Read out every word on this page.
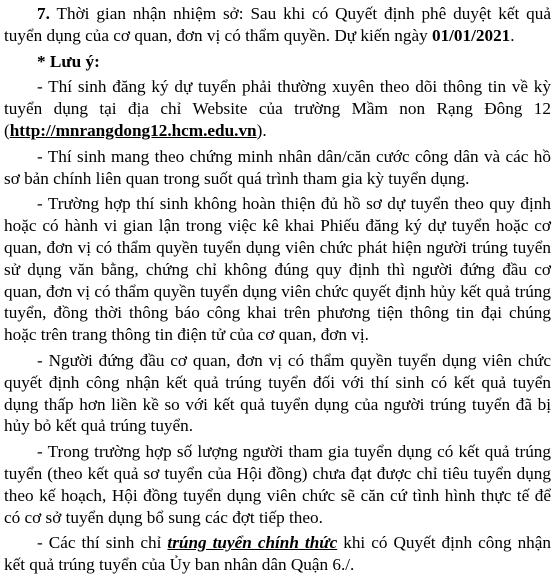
7. Thời gian nhận nhiệm sở: Sau khi có Quyết định phê duyệt kết quả tuyển dụng của cơ quan, đơn vị có thẩm quyền. Dự kiến ngày 01/01/2021.

* Lưu ý:

- Thí sinh đăng ký dự tuyển phải thường xuyên theo dõi thông tin về kỳ tuyển dụng tại địa chỉ Website của trường Mầm non Rạng Đông 12 (http://mnrangdong12.hcm.edu.vn).

- Thí sinh mang theo chứng minh nhân dân/căn cước công dân và các hồ sơ bản chính liên quan trong suốt quá trình tham gia kỳ tuyển dụng.

- Trường hợp thí sinh không hoàn thiện đủ hồ sơ dự tuyển theo quy định hoặc có hành vi gian lận trong việc kê khai Phiếu đăng ký dự tuyển hoặc cơ quan, đơn vị có thẩm quyền tuyển dụng viên chức phát hiện người trúng tuyển sử dụng văn bằng, chứng chỉ không đúng quy định thì người đứng đầu cơ quan, đơn vị có thẩm quyền tuyển dụng viên chức quyết định hủy kết quả trúng tuyển, đồng thời thông báo công khai trên phương tiện thông tin đại chúng hoặc trên trang thông tin điện tử của cơ quan, đơn vị.

- Người đứng đầu cơ quan, đơn vị có thẩm quyền tuyển dụng viên chức quyết định công nhận kết quả trúng tuyển đối với thí sinh có kết quả tuyển dụng thấp hơn liền kề so với kết quả tuyển dụng của người trúng tuyển đã bị hủy bỏ kết quả trúng tuyển.

- Trong trường hợp số lượng người tham gia tuyển dụng có kết quả trúng tuyển (theo kết quả sơ tuyển của Hội đồng) chưa đạt được chỉ tiêu tuyển dụng theo kế hoạch, Hội đồng tuyển dụng viên chức sẽ căn cứ tình hình thực tế để có cơ sở tuyển dụng bổ sung các đợt tiếp theo.

- Các thí sinh chỉ trúng tuyển chính thức khi có Quyết định công nhận kết quả trúng tuyển của Ủy ban nhân dân Quận 6./.
